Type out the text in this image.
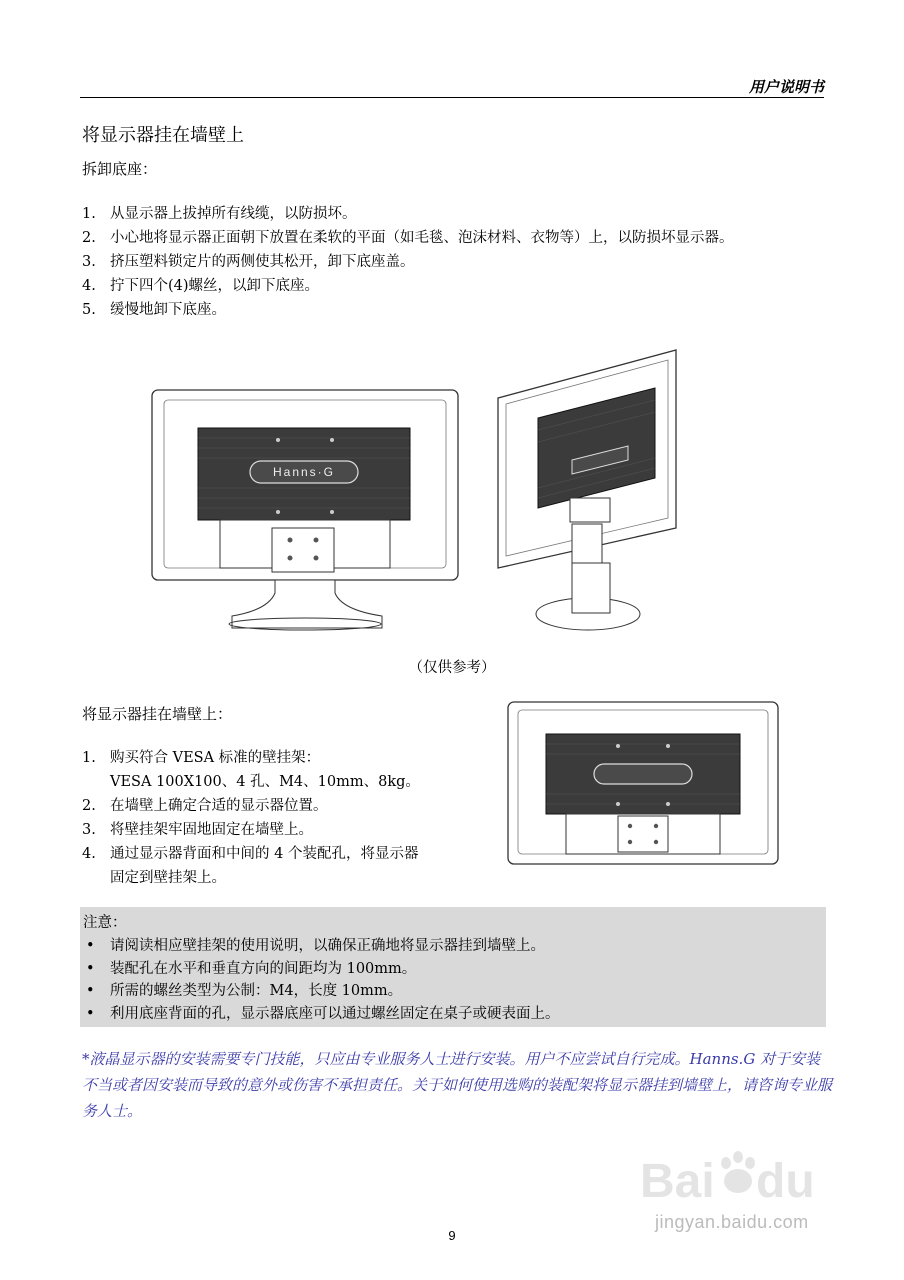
用户说明书
将显示器挂在墙壁上
拆卸底座：
1. 从显示器上拔掉所有线缆，以防损坏。
2. 小心地将显示器正面朝下放置在柔软的平面（如毛毯、泡沫材料、衣物等）上，以防损坏显示器。
3. 挤压塑料锁定片的两侧使其松开，卸下底座盖。
4. 拧下四个(4)螺丝，以卸下底座。
5. 缓慢地卸下底座。
Hanns·G
（仅供参考）
将显示器挂在墙壁上：
1. 购买符合 VESA 标准的壁挂架：
VESA 100X100、4 孔、M4、10mm、8kg。
2. 在墙壁上确定合适的显示器位置。
3. 将壁挂架牢固地固定在墙壁上。
4. 通过显示器背面和中间的 4 个装配孔，将显示器
固定到壁挂架上。
注意：
• 请阅读相应壁挂架的使用说明，以确保正确地将显示器挂到墙壁上。
• 装配孔在水平和垂直方向的间距均为 100mm。
• 所需的螺丝类型为公制：M4，长度 10mm。
• 利用底座背面的孔，显示器底座可以通过螺丝固定在桌子或硬表面上。
*液晶显示器的安装需要专门技能，只应由专业服务人士进行安装。用户不应尝试自行完成。Hanns.G 对于安装不当或者因安装而导致的意外或伤害不承担责任。关于如何使用选购的装配架将显示器挂到墙壁上，请咨询专业服务人士。
9
Bai du
jingyan.baidu.com
